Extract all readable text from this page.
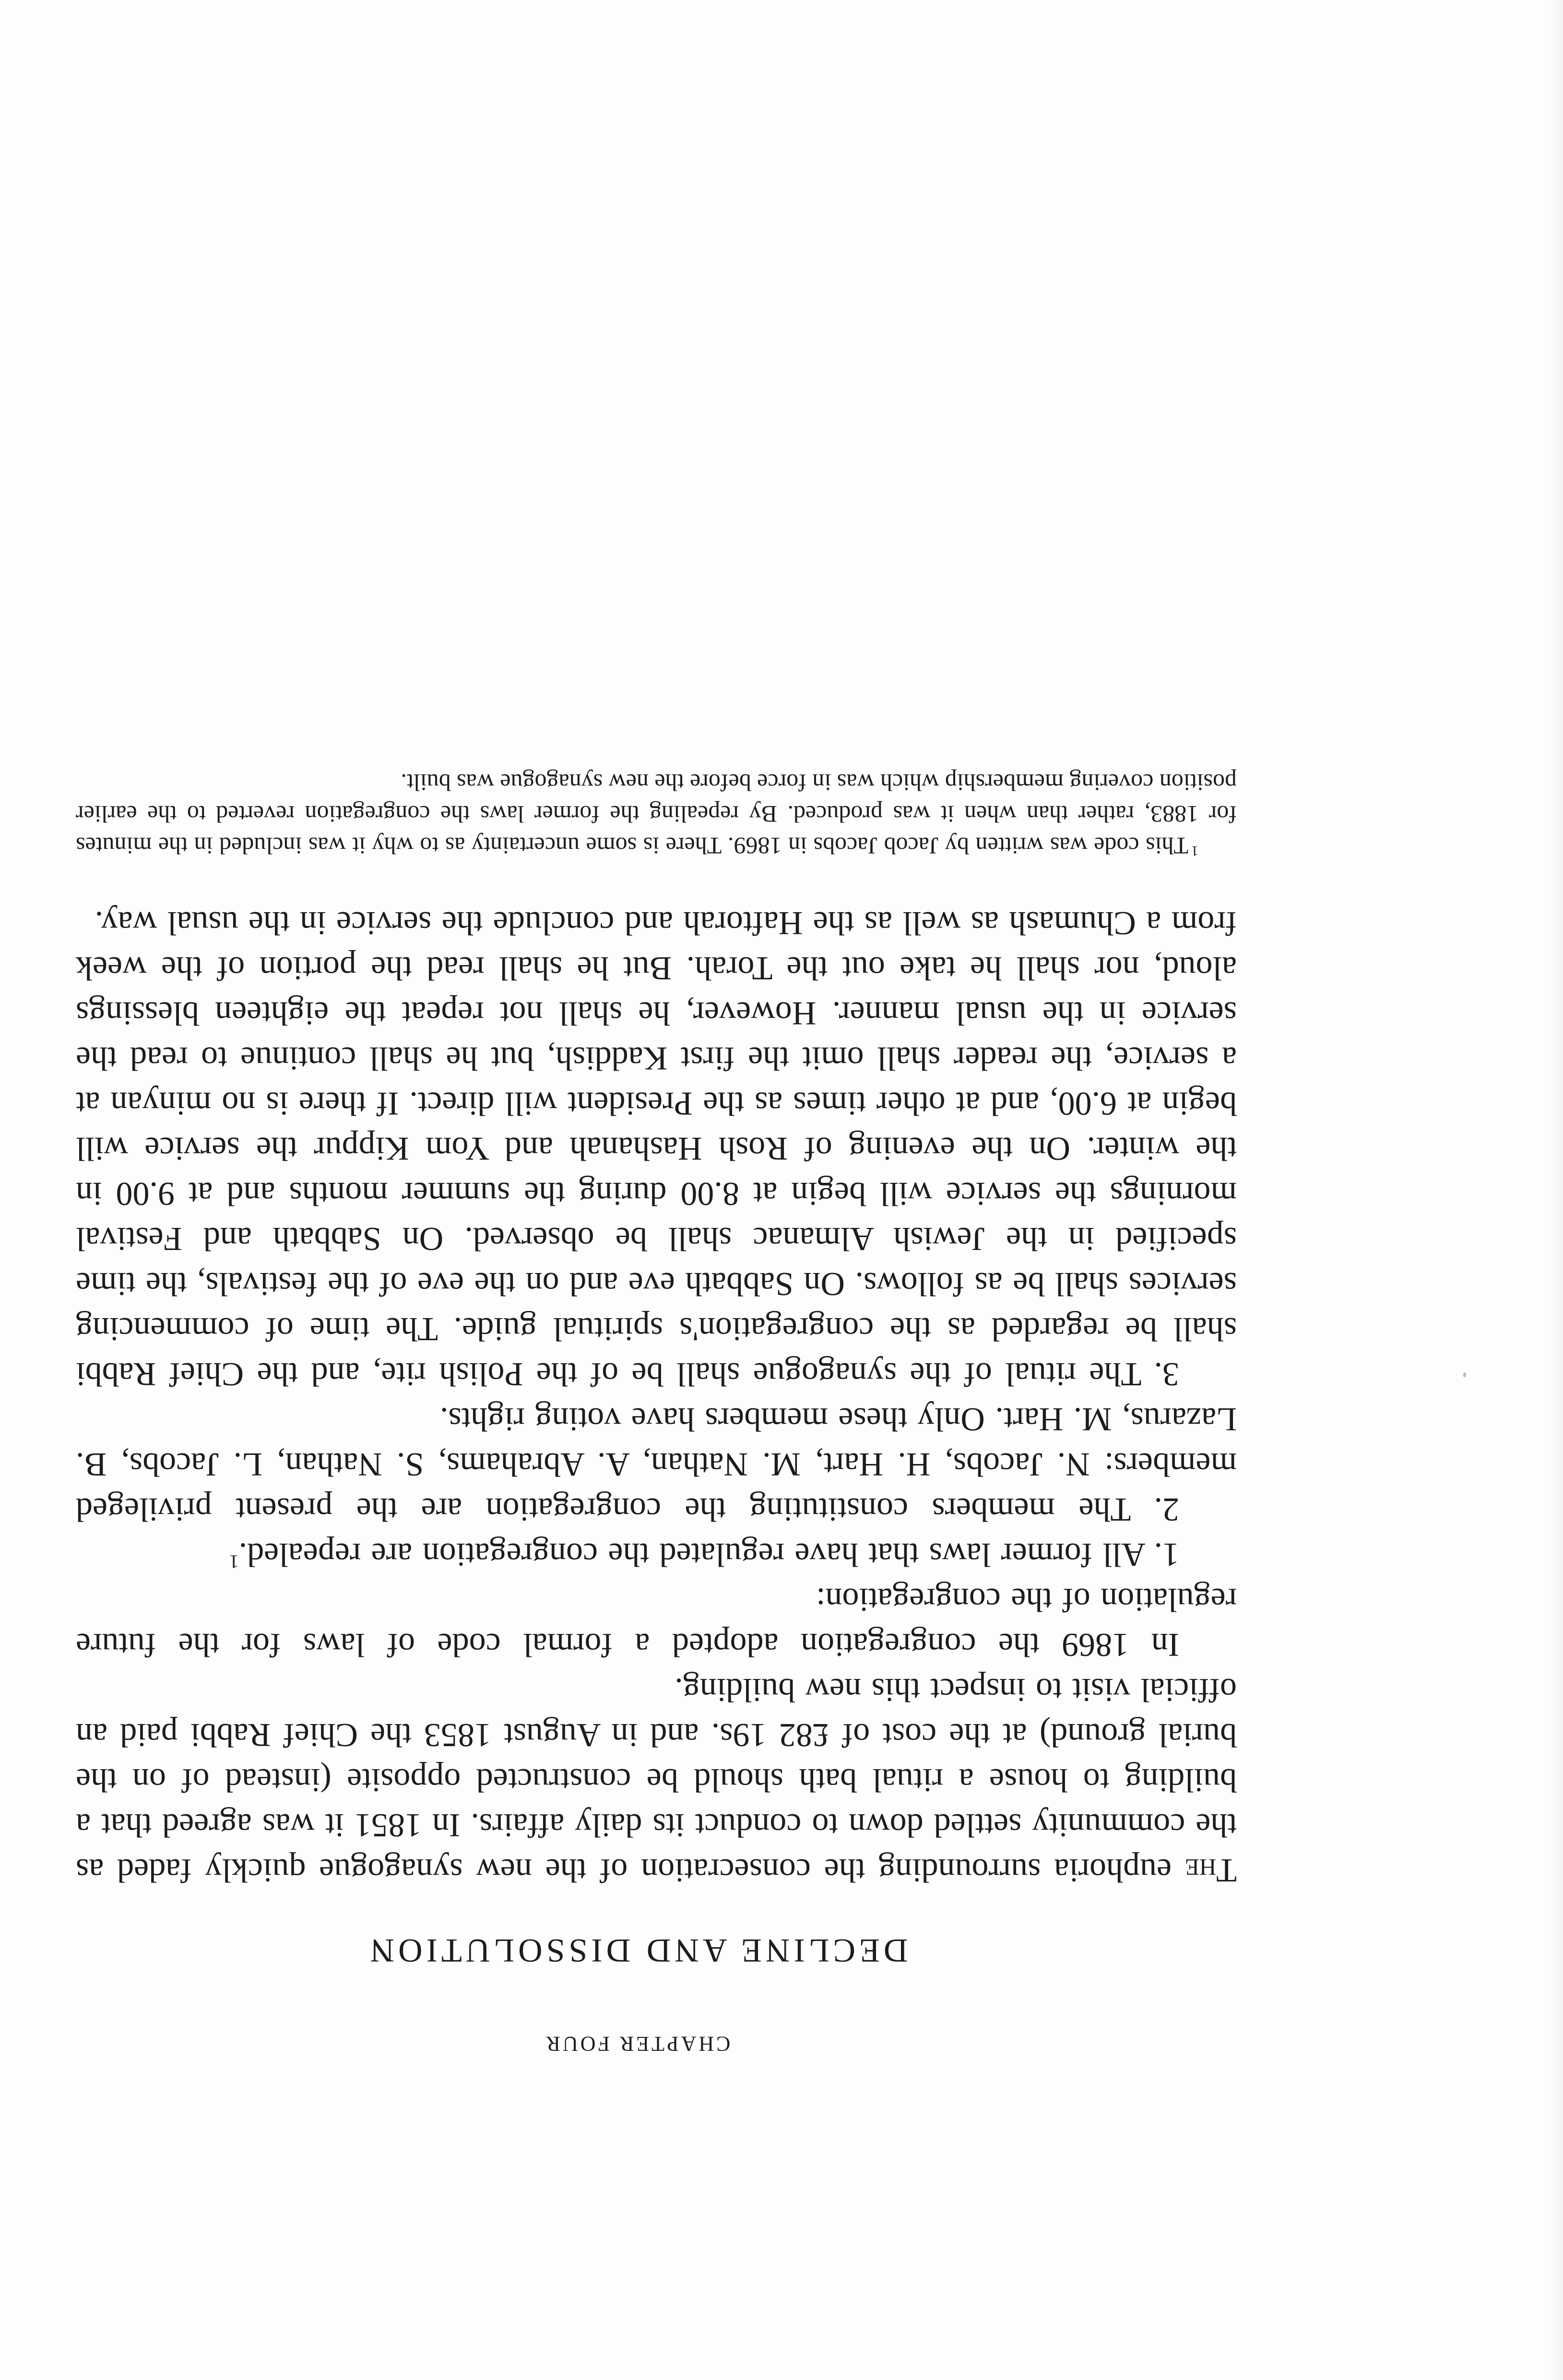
CHAPTER FOUR
DECLINE AND DISSOLUTION

The euphoria surrounding the consecration of the new synagogue quickly faded as the community settled down to conduct its daily affairs. In 1851 it was agreed that a building to house a ritual bath should be constructed opposite (instead of on the burial ground) at the cost of £82 19s. and in August 1853 the Chief Rabbi paid an official visit to inspect this new building.

In 1869 the congregation adopted a formal code of laws for the future regulation of the congregation:

1. All former laws that have regulated the congregation are repealed.$^1$

2. The members constituting the congregation are the present privileged members: N. Jacobs, H. Hart, M. Nathan, A. Abrahams, S. Nathan, L. Jacobs, B. Lazarus, M. Hart. Only these members have voting rights.

3. The ritual of the synagogue shall be of the Polish rite, and the Chief Rabbi shall be regarded as the congregation's spiritual guide. The time of commencing services shall be as follows. On Sabbath eve and on the eve of the festivals, the time specified in the Jewish Almanac shall be observed. On Sabbath and Festival mornings the service will begin at 8.00 during the summer months and at 9.00 in the winter. On the evening of Rosh Hashanah and Yom Kippur the service will begin at 6.00, and at other times as the President will direct. If there is no minyan at a service, the reader shall omit the first Kaddish, but he shall continue to read the service in the usual manner. However, he shall not repeat the eighteen blessings aloud, nor shall he take out the Torah. But he shall read the portion of the week from a Chumash as well as the Haftorah and conclude the service in the usual way.

$^1$This code was written by Jacob Jacobs in 1869. There is some uncertainty as to why it was included in the minutes for 1883, rather than when it was produced. By repealing the former laws the congregation reverted to the earlier position covering membership which was in force before the new synagogue was built.
